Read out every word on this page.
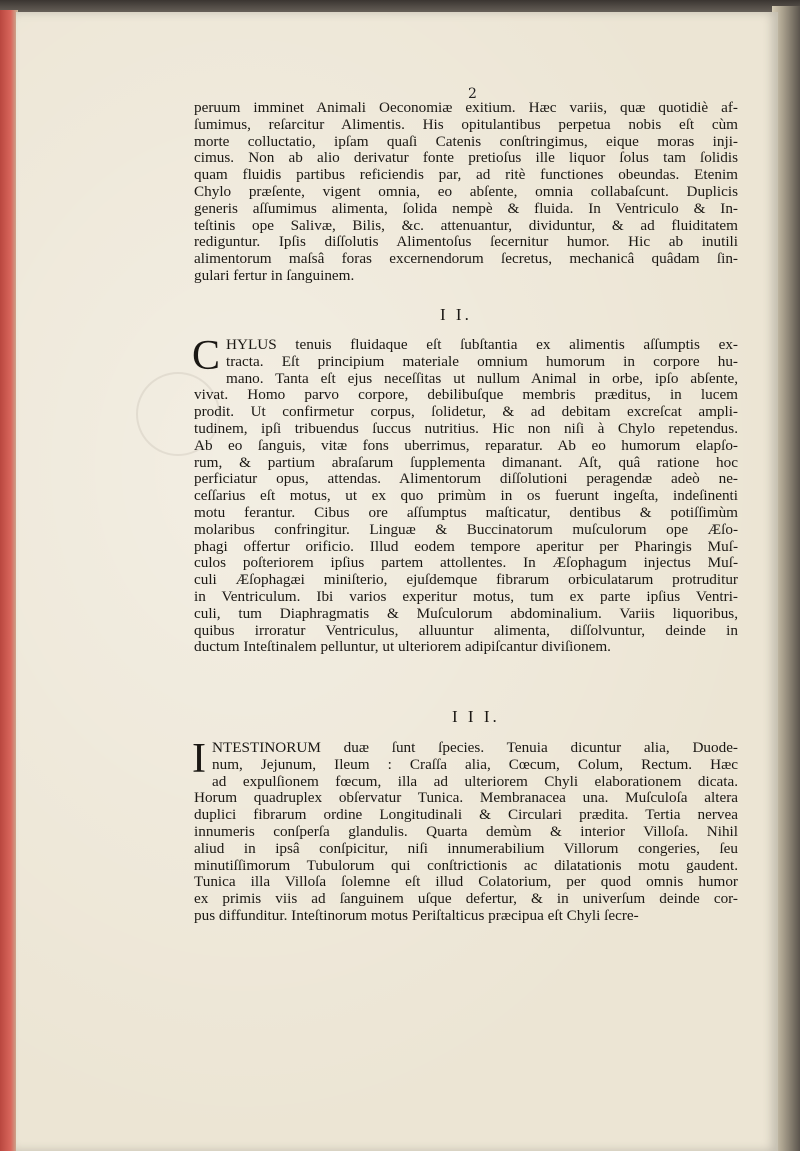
2
peruum imminet Animali Oeconomiæ exitium. Hæc variis, quæ quotidiè af-
ſumimus, reſarcitur Alimentis. His opitulantibus perpetua nobis eſt cùm
morte colluctatio, ipſam quaſi Catenis conſtringimus, eique moras inji-
cimus. Non ab alio derivatur fonte pretioſus ille liquor ſolus tam ſolidis
quam fluidis partibus reficiendis par, ad ritè functiones obeundas. Etenim
Chylo præſente, vigent omnia, eo abſente, omnia collabaſcunt. Duplicis
generis aſſumimus alimenta, ſolida nempè & fluida. In Ventriculo & In-
teſtinis ope Salivæ, Bilis, &c. attenuantur, dividuntur, & ad fluiditatem
rediguntur. Ipſis diſſolutis Alimentoſus ſecernitur humor. Hic ab inutili
alimentorum maſsâ foras excernendorum ſecretus, mechanicâ quâdam ſin-
gulari fertur in ſanguinem.
I I.
C HYLUS tenuis fluidaque eſt ſubſtantia ex alimentis aſſumptis ex-
tracta. Eſt principium materiale omnium humorum in corpore hu-
mano. Tanta eſt ejus neceſſitas ut nullum Animal in orbe, ipſo abſente,
vivat. Homo parvo corpore, debilibuſque membris præditus, in lucem
prodit. Ut confirmetur corpus, ſolidetur, & ad debitam excreſcat ampli-
tudinem, ipſi tribuendus ſuccus nutritius. Hic non niſi à Chylo repetendus.
Ab eo ſanguis, vitæ fons uberrimus, reparatur. Ab eo humorum elapſo-
rum, & partium abraſarum ſupplementa dimanant. Aſt, quâ ratione hoc
perficiatur opus, attendas. Alimentorum diſſolutioni peragendæ adeò ne-
ceſſarius eſt motus, ut ex quo primùm in os fuerunt ingeſta, indeſinenti
motu ferantur. Cibus ore aſſumptus maſticatur, dentibus & potiſſimùm
molaribus confringitur. Linguæ & Buccinatorum muſculorum ope Æſo-
phagi offertur orificio. Illud eodem tempore aperitur per Pharingis Muſ-
culos poſteriorem ipſius partem attollentes. In Æſophagum injectus Muſ-
culi Æſophagæi miniſterio, ejuſdemque fibrarum orbiculatarum protruditur
in Ventriculum. Ibi varios experitur motus, tum ex parte ipſius Ventri-
culi, tum Diaphragmatis & Muſculorum abdominalium. Variis liquoribus,
quibus irroratur Ventriculus, alluuntur alimenta, diſſolvuntur, deinde in
ductum Inteſtinalem pelluntur, ut ulteriorem adipiſcantur diviſionem.
I I I.
I NTESTINORUM duæ ſunt ſpecies. Tenuia dicuntur alia, Duode-
num, Jejunum, Ileum : Craſſa alia, Cœcum, Colum, Rectum. Hæc
ad expulſionem fœcum, illa ad ulteriorem Chyli elaborationem dicata.
Horum quadruplex obſervatur Tunica. Membranacea una. Muſculoſa altera
duplici fibrarum ordine Longitudinali & Circulari prædita. Tertia nervea
innumeris conſperſa glandulis. Quarta demùm & interior Villoſa. Nihil
aliud in ipsâ conſpicitur, niſi innumerabilium Villorum congeries, ſeu
minutiſſimorum Tubulorum qui conſtrictionis ac dilatationis motu gaudent.
Tunica illa Villoſa ſolemne eſt illud Colatorium, per quod omnis humor
ex primis viis ad ſanguinem uſque defertur, & in univerſum deinde cor-
pus diffunditur. Inteſtinorum motus Periſtalticus præcipua eſt Chyli ſecre-
